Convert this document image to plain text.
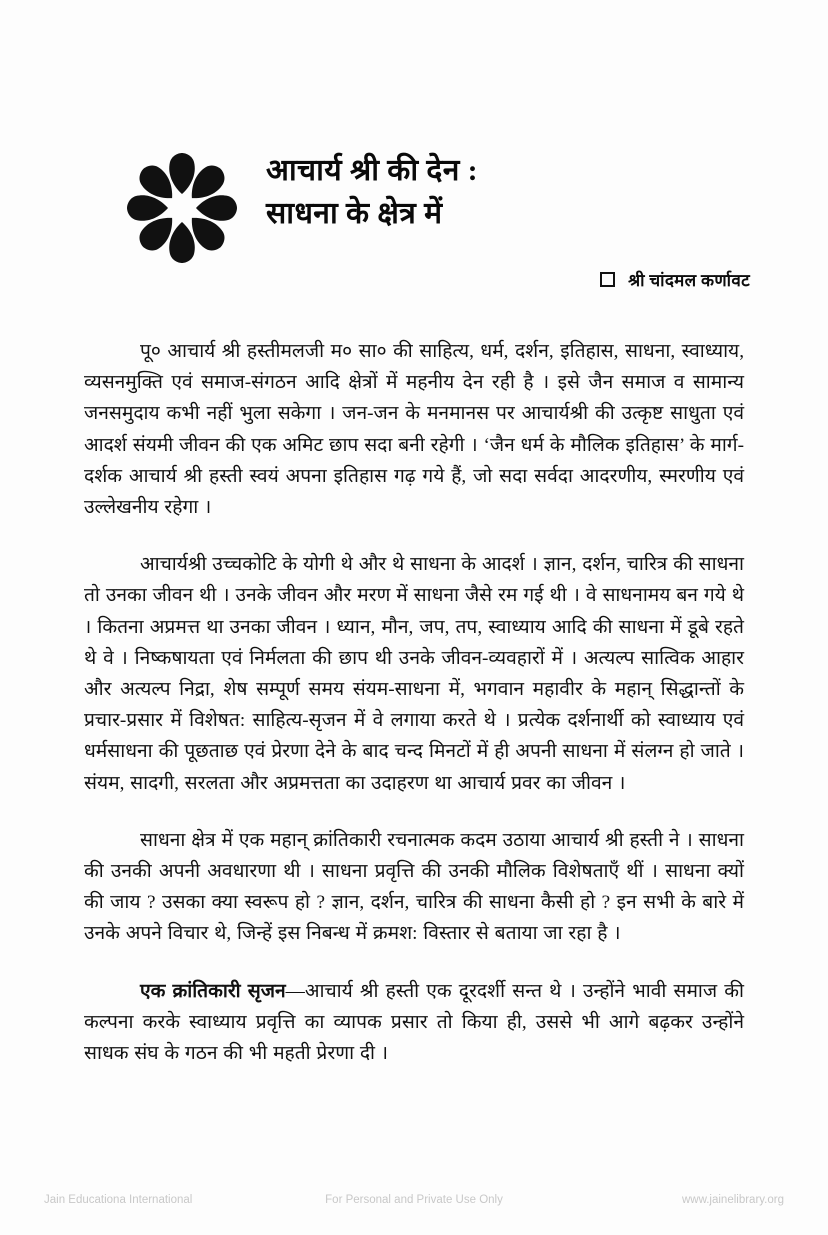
आचार्य श्री की देन :
साधना के क्षेत्र में
श्री चांदमल कर्णावट

पू० आचार्य श्री हस्तीमलजी म० सा० की साहित्य, धर्म, दर्शन, इतिहास, साधना, स्वाध्याय, व्यसनमुक्ति एवं समाज-संगठन आदि क्षेत्रों में महनीय देन रही है । इसे जैन समाज व सामान्य जनसमुदाय कभी नहीं भुला सकेगा । जन-जन के मनमानस पर आचार्यश्री की उत्कृष्ट साधुता एवं आदर्श संयमी जीवन की एक अमिट छाप सदा बनी रहेगी । ‘जैन धर्म के मौलिक इतिहास’ के मार्ग-दर्शक आचार्य श्री हस्ती स्वयं अपना इतिहास गढ़ गये हैं, जो सदा सर्वदा आदरणीय, स्मरणीय एवं उल्लेखनीय रहेगा ।

आचार्यश्री उच्चकोटि के योगी थे और थे साधना के आदर्श । ज्ञान, दर्शन, चारित्र की साधना तो उनका जीवन थी । उनके जीवन और मरण में साधना जैसे रम गई थी । वे साधनामय बन गये थे । कितना अप्रमत्त था उनका जीवन । ध्यान, मौन, जप, तप, स्वाध्याय आदि की साधना में डूबे रहते थे वे । निष्कषायता एवं निर्मलता की छाप थी उनके जीवन-व्यवहारों में । अत्यल्प सात्विक आहार और अत्यल्प निद्रा, शेष सम्पूर्ण समय संयम-साधना में, भगवान महावीर के महान् सिद्धान्तों के प्रचार-प्रसार में विशेषत: साहित्य-सृजन में वे लगाया करते थे । प्रत्येक दर्शनार्थी को स्वाध्याय एवं धर्मसाधना की पूछताछ एवं प्रेरणा देने के बाद चन्द मिनटों में ही अपनी साधना में संलग्न हो जाते । संयम, सादगी, सरलता और अप्रमत्तता का उदाहरण था आचार्य प्रवर का जीवन ।

साधना क्षेत्र में एक महान् क्रांतिकारी रचनात्मक कदम उठाया आचार्य श्री हस्ती ने । साधना की उनकी अपनी अवधारणा थी । साधना प्रवृत्ति की उनकी मौलिक विशेषताएँ थीं । साधना क्यों की जाय ? उसका क्या स्वरूप हो ? ज्ञान, दर्शन, चारित्र की साधना कैसी हो ? इन सभी के बारे में उनके अपने विचार थे, जिन्हें इस निबन्ध में क्रमश: विस्तार से बताया जा रहा है ।

एक क्रांतिकारी सृजन—आचार्य श्री हस्ती एक दूरदर्शी सन्त थे । उन्होंने भावी समाज की कल्पना करके स्वाध्याय प्रवृत्ति का व्यापक प्रसार तो किया ही, उससे भी आगे बढ़कर उन्होंने साधक संघ के गठन की भी महती प्रेरणा दी ।

Jain Educationa International	For Personal and Private Use Only	www.jainelibrary.org
